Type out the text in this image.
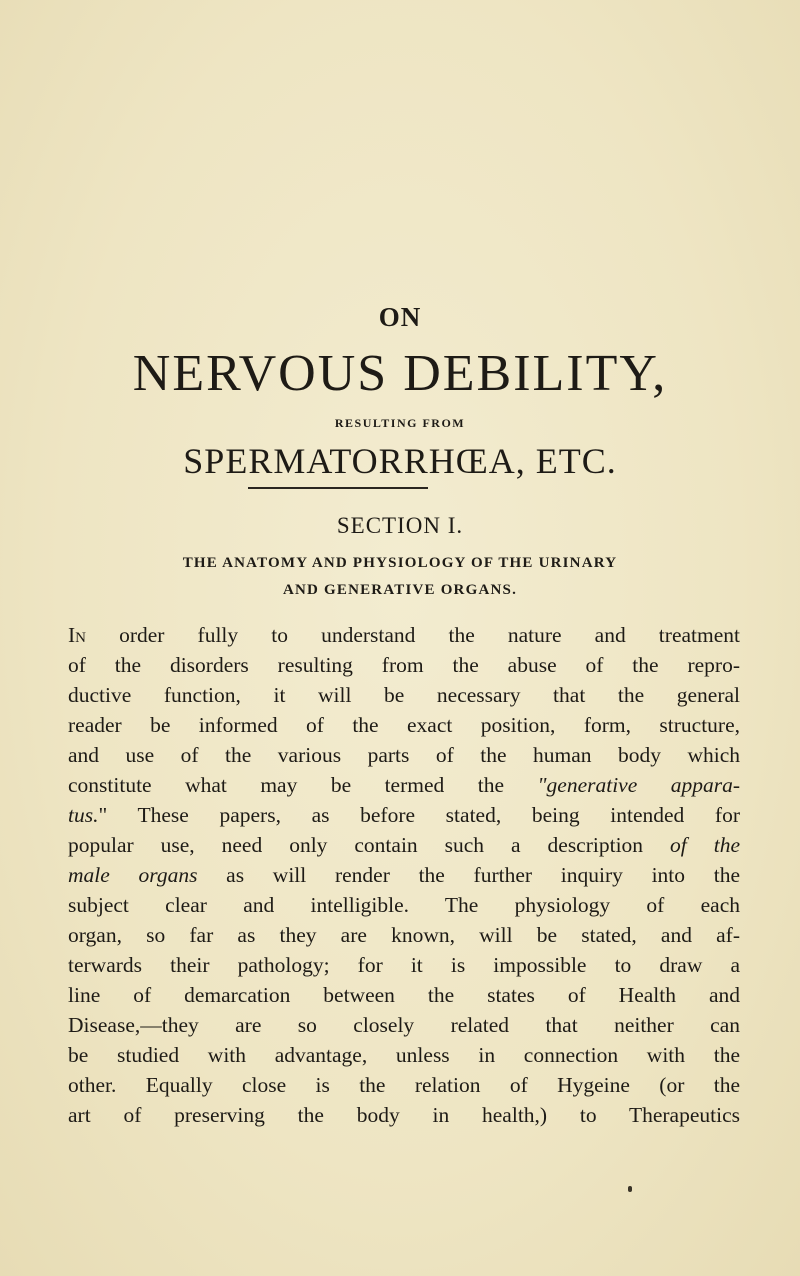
ON
NERVOUS DEBILITY,
RESULTING FROM
SPERMATORRHŒA, ETC.
SECTION I.
THE ANATOMY AND PHYSIOLOGY OF THE URINARY
AND GENERATIVE ORGANS.
In order fully to understand the nature and treatment
of the disorders resulting from the abuse of the repro-
ductive function, it will be necessary that the general
reader be informed of the exact position, form, structure,
and use of the various parts of the human body which
constitute what may be termed the "generative appara-
tus." These papers, as before stated, being intended for
popular use, need only contain such a description of the
male organs as will render the further inquiry into the
subject clear and intelligible. The physiology of each
organ, so far as they are known, will be stated, and af-
terwards their pathology; for it is impossible to draw a
line of demarcation between the states of Health and
Disease,—they are so closely related that neither can
be studied with advantage, unless in connection with the
other. Equally close is the relation of Hygeine (or the
art of preserving the body in health,) to Therapeutics
